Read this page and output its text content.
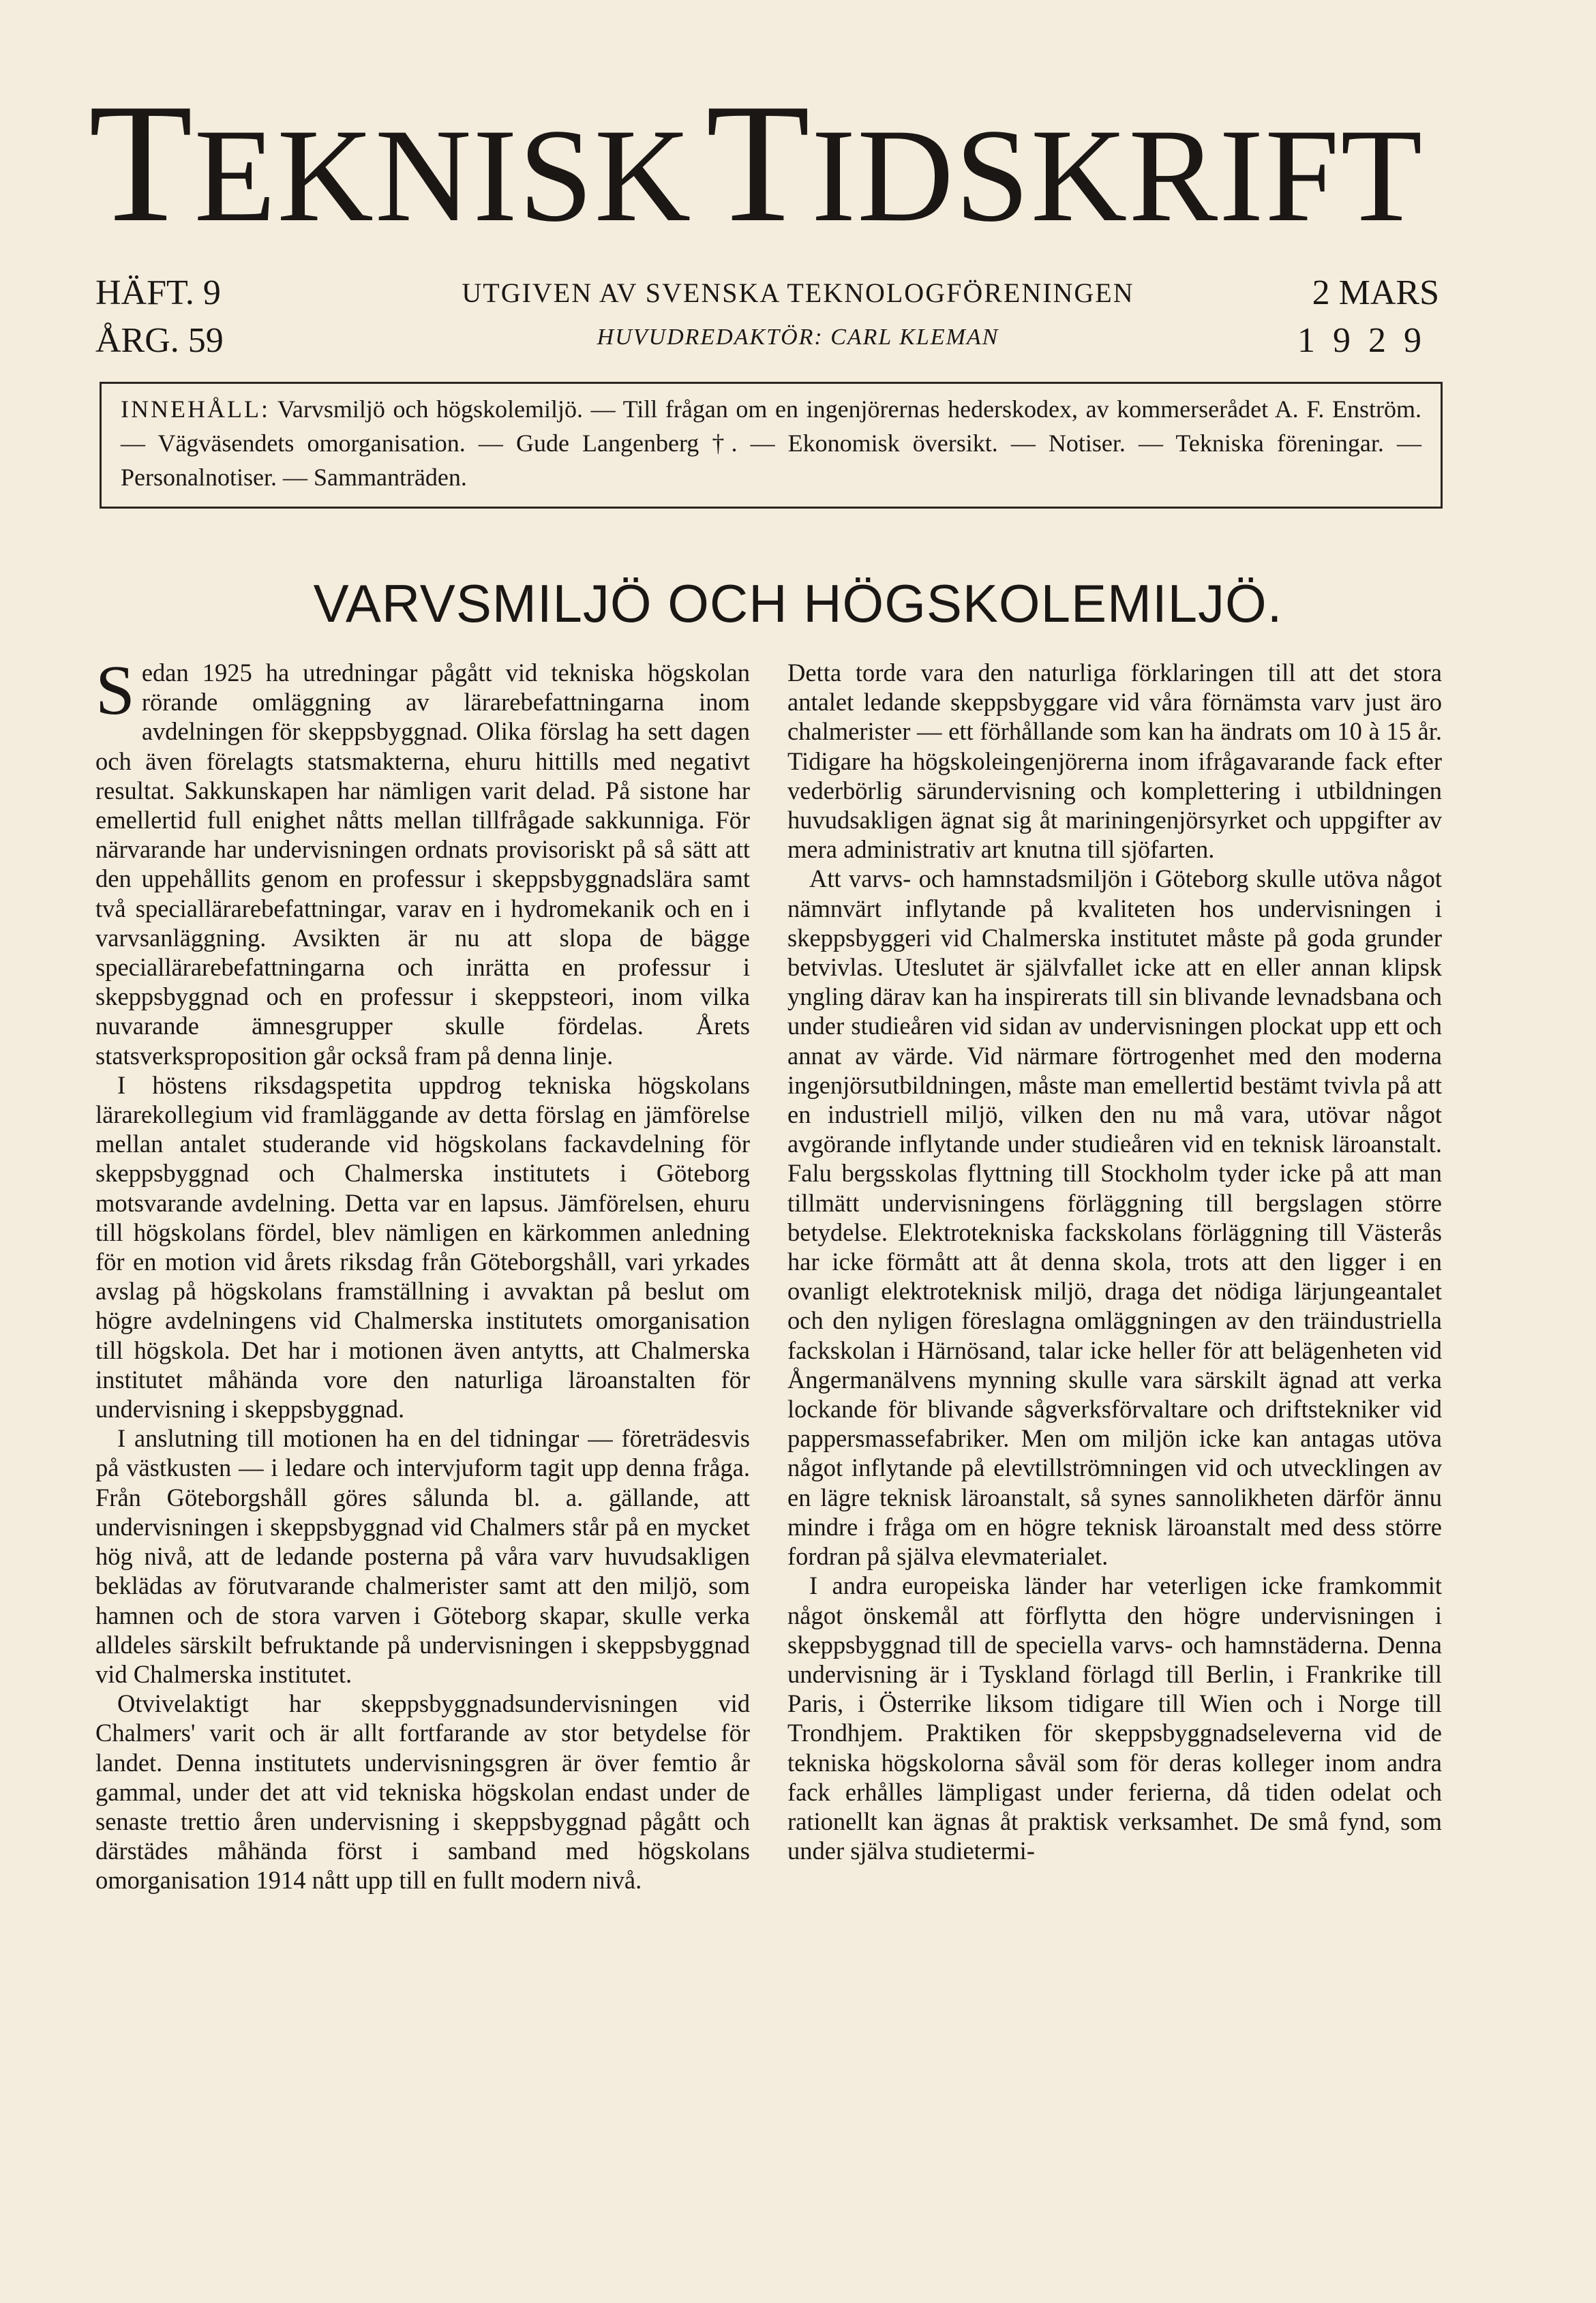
TEKNISKTIDSKRIFT
HÄFT. 9
ÅRG. 59
UTGIVEN AV SVENSKA TEKNOLOGFÖRENINGEN
HUVUDREDAKTÖR: CARL KLEMAN
2 MARS
1929
INNEHÅLL: Varvsmiljö och högskolemiljö. — Till frågan om en ingenjörernas hederskodex, av kommerserådet A. F. Enström. — Vägväsendets omorganisation. — Gude Langenberg †. — Ekonomisk översikt. — Notiser. — Tekniska föreningar. — Personalnotiser. — Sammanträden.
VARVSMILJÖ OCH HÖGSKOLEMILJÖ.

Sedan 1925 ha utredningar pågått vid tekniska högskolan rörande omläggning av lärarebefattningarna inom avdelningen för skeppsbyggnad. Olika förslag ha sett dagen och även förelagts statsmakterna, ehuru hittills med negativt resultat. Sakkunskapen har nämligen varit delad. På sistone har emellertid full enighet nåtts mellan tillfrågade sakkunniga. För närvarande har undervisningen ordnats provisoriskt på så sätt att den uppehållits genom en professur i skeppsbyggnadslära samt två speciallärarebefattningar, varav en i hydromekanik och en i varvsanläggning. Avsikten är nu att slopa de bägge speciallärarebefattningarna och inrätta en professur i skeppsbyggnad och en professur i skeppsteori, inom vilka nuvarande ämnesgrupper skulle fördelas. Årets statsverksproposition går också fram på denna linje.

I höstens riksdagspetita uppdrog tekniska högskolans lärarekollegium vid framläggande av detta förslag en jämförelse mellan antalet studerande vid högskolans fackavdelning för skeppsbyggnad och Chalmerska institutets i Göteborg motsvarande avdelning. Detta var en lapsus. Jämförelsen, ehuru till högskolans fördel, blev nämligen en kärkommen anledning för en motion vid årets riksdag från Göteborgshåll, vari yrkades avslag på högskolans framställning i avvaktan på beslut om högre avdelningens vid Chalmerska institutets omorganisation till högskola. Det har i motionen även antytts, att Chalmerska institutet måhända vore den naturliga läroanstalten för undervisning i skeppsbyggnad.

I anslutning till motionen ha en del tidningar — företrädesvis på västkusten — i ledare och intervjuform tagit upp denna fråga. Från Göteborgshåll göres sålunda bl. a. gällande, att undervisningen i skeppsbyggnad vid Chalmers står på en mycket hög nivå, att de ledande posterna på våra varv huvudsakligen beklädas av förutvarande chalmerister samt att den miljö, som hamnen och de stora varven i Göteborg skapar, skulle verka alldeles särskilt befruktande på undervisningen i skeppsbyggnad vid Chalmerska institutet.

Otvivelaktigt har skeppsbyggnadsundervisningen vid Chalmers' varit och är allt fortfarande av stor betydelse för landet. Denna institutets undervisningsgren är över femtio år gammal, under det att vid tekniska högskolan endast under de senaste trettio åren undervisning i skeppsbyggnad pågått och därstädes måhända först i samband med högskolans omorganisation 1914 nått upp till en fullt modern nivå.

Detta torde vara den naturliga förklaringen till att det stora antalet ledande skeppsbyggare vid våra förnämsta varv just äro chalmerister — ett förhållande som kan ha ändrats om 10 à 15 år. Tidigare ha högskoleingenjörerna inom ifrågavarande fack efter vederbörlig särundervisning och komplettering i utbildningen huvudsakligen ägnat sig åt mariningenjörsyrket och uppgifter av mera administrativ art knutna till sjöfarten.

Att varvs- och hamnstadsmiljön i Göteborg skulle utöva något nämnvärt inflytande på kvaliteten hos undervisningen i skeppsbyggeri vid Chalmerska institutet måste på goda grunder betvivlas. Uteslutet är självfallet icke att en eller annan klipsk yngling därav kan ha inspirerats till sin blivande levnadsbana och under studieåren vid sidan av undervisningen plockat upp ett och annat av värde. Vid närmare förtrogenhet med den moderna ingenjörsutbildningen, måste man emellertid bestämt tvivla på att en industriell miljö, vilken den nu må vara, utövar något avgörande inflytande under studieåren vid en teknisk läroanstalt. Falu bergsskolas flyttning till Stockholm tyder icke på att man tillmätt undervisningens förläggning till bergslagen större betydelse. Elektrotekniska fackskolans förläggning till Västerås har icke förmått att åt denna skola, trots att den ligger i en ovanligt elektroteknisk miljö, draga det nödiga lärjungeantalet och den nyligen föreslagna omläggningen av den träindustriella fackskolan i Härnösand, talar icke heller för att belägenheten vid Ångermanälvens mynning skulle vara särskilt ägnad att verka lockande för blivande sågverksförvaltare och driftstekniker vid pappersmassefabriker. Men om miljön icke kan antagas utöva något inflytande på elevtillströmningen vid och utvecklingen av en lägre teknisk läroanstalt, så synes sannolikheten därför ännu mindre i fråga om en högre teknisk läroanstalt med dess större fordran på själva elevmaterialet.

I andra europeiska länder har veterligen icke framkommit något önskemål att förflytta den högre undervisningen i skeppsbyggnad till de speciella varvs- och hamnstäderna. Denna undervisning är i Tyskland förlagd till Berlin, i Frankrike till Paris, i Österrike liksom tidigare till Wien och i Norge till Trondhjem. Praktiken för skeppsbyggnadseleverna vid de tekniska högskolorna såväl som för deras kolleger inom andra fack erhålles lämpligast under ferierna, då tiden odelat och rationellt kan ägnas åt praktisk verksamhet. De små fynd, som under själva studietermi-
